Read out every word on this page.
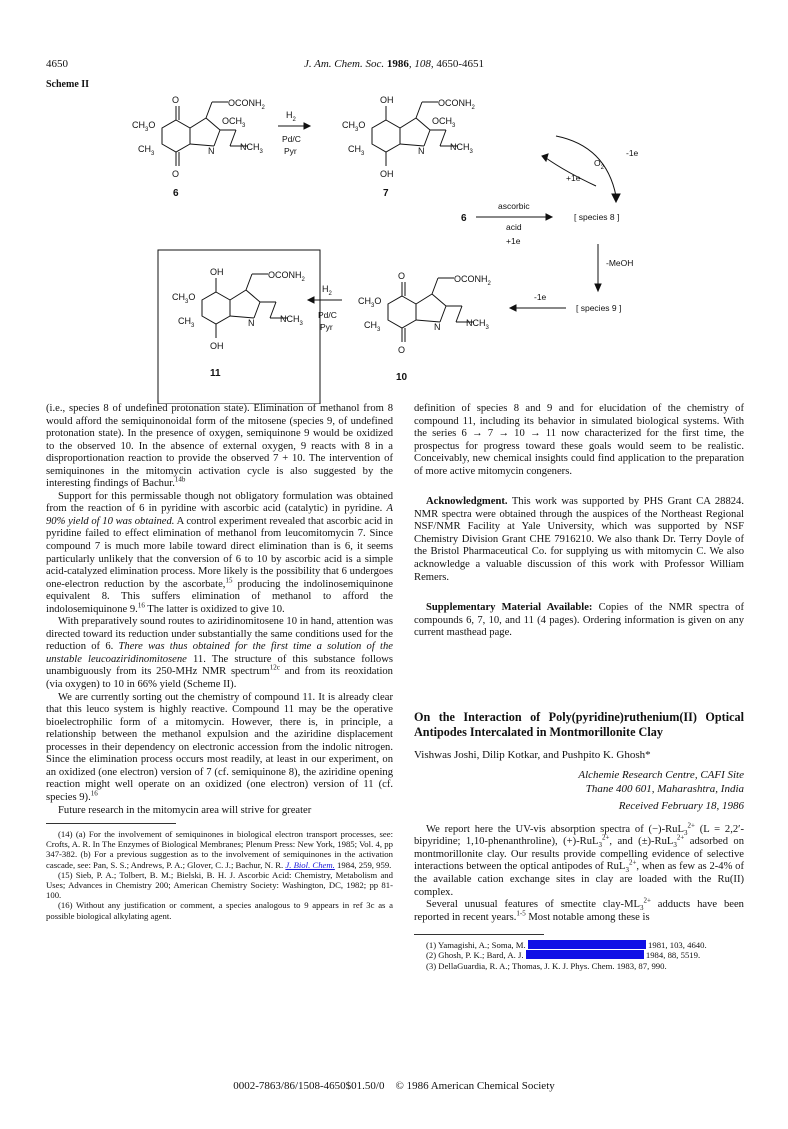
4650	J. Am. Chem. Soc. 1986, 108, 4650-4651
Scheme II
O
O
$CH_3O$
$CH_3$
$OCONH_2$
$OCH_3$
N	$NCH_3$
6
$H_2$
Pd/C
Pyr
OH
OH
$CH_3O$
$CH_3$
$OCONH_2$
$OCH_3$
N	$NCH_3$
7
-1e
+1e
$O_2$
6
ascorbic
acid
+1e
[ species 8 ]
-MeOH
[ species 9 ]
-1e
O
O
$CH_3O$
$CH_3$
$OCONH_2$
N	$NCH_3$
10
$H_2$
Pd/C
Pyr
OH
OH
$CH_3O$
$CH_3$
$OCONH_2$
N	$NCH_3$
11

(i.e., species 8 of undefined protonation state). Elimination of methanol from 8 would afford the semiquinonoidal form of the mitosene (species 9, of undefined protonation state). In the presence of oxygen, semiquinone 9 would be oxidized to the observed 10. In the absence of external oxygen, 9 reacts with 8 in a disproportionation reaction to provide the observed 7 + 10. The intervention of semiquinones in the mitomycin activation cycle is also suggested by the interesting findings of Bachur.$^{14b}$

Support for this permissable though not obligatory formulation was obtained from the reaction of 6 in pyridine with ascorbic acid (catalytic) in pyridine. A 90% yield of 10 was obtained. A control experiment revealed that ascorbic acid in pyridine failed to effect elimination of methanol from leucomitomycin 7. Since compound 7 is much more labile toward direct elimination than is 6, it seems particularly unlikely that the conversion of 6 to 10 by ascorbic acid is a simple acid-catalyzed elimination process. More likely is the possibility that 6 undergoes one-electron reduction by the ascorbate,$^{15}$ producing the indolinosemiquinone equivalent 8. This suffers elimination of methanol to afford the indolosemiquinone 9.16 The latter is oxidized to give 10.

With preparatively sound routes to aziridinomitosene 10 in hand, attention was directed toward its reduction under substantially the same conditions used for the reduction of 6. There was thus obtained for the first time a solution of the unstable leucoaziridinomitosene 11. The structure of this substance follows unambiguously from its 250-MHz NMR spectrum$^{12c}$ and from its reoxidation (via oxygen) to 10 in 66% yield (Scheme II).

We are currently sorting out the chemistry of compound 11. It is already clear that this leuco system is highly reactive. Compound 11 may be the operative bioelectrophilic form of a mitomycin. However, there is, in principle, a relationship between the methanol expulsion and the aziridine displacement processes in their dependency on electronic accession from the indolic nitrogen. Since the elimination process occurs most readily, at least in our experiment, on an oxidized (one electron) version of 7 (cf. semiquinone 8), the aziridine opening reaction might well operate on an oxidized (one electron) version of 11 (cf. species 9).$^{16}$

Future research in the mitomycin area will strive for greater

(14) (a) For the involvement of semiquinones in biological electron transport processes, see: Crofts, A. R. In The Enzymes of Biological Membranes; Plenum Press: New York, 1985; Vol. 4, pp 347-382. (b) For a previous suggestion as to the involvement of semiquinones in the activation cascade, see: Pan, S. S.; Andrews, P. A.; Glover, C. J.; Bachur, N. R. J. Biol. Chem. 1984, 259, 959.

(15) Sieb, P. A.; Tolbert, B. M.; Bielski, B. H. J. Ascorbic Acid: Chemistry, Metabolism and Uses; Advances in Chemistry 200; American Chemistry Society: Washington, DC, 1982; pp 81-100.

(16) Without any justification or comment, a species analogous to 9 appears in ref 3c as a possible biological alkylating agent.

definition of species 8 and 9 and for elucidation of the chemistry of compound 11, including its behavior in simulated biological systems. With the series 6 → 7 → 10 → 11 now characterized for the first time, the prospectus for progress toward these goals would seem to be realistic. Conceivably, new chemical insights could find application to the preparation of more active mitomycin congeners.

Acknowledgment. This work was supported by PHS Grant CA 28824. NMR spectra were obtained through the auspices of the Northeast Regional NSF/NMR Facility at Yale University, which was supported by NSF Chemistry Division Grant CHE 7916210. We also thank Dr. Terry Doyle of the Bristol Pharmaceutical Co. for supplying us with mitomycin C. We also acknowledge a valuable discussion of this work with Professor William Remers.

Supplementary Material Available: Copies of the NMR spectra of compounds 6, 7, 10, and 11 (4 pages). Ordering information is given on any current masthead page.

On the Interaction of Poly(pyridine)ruthenium(II) Optical Antipodes Intercalated in Montmorillonite Clay

Vishwas Joshi, Dilip Kotkar, and Pushpito K. Ghosh*

Alchemie Research Centre, CAFI Site

Thane 400 601, Maharashtra, India

Received February 18, 1986

We report here the UV-vis absorption spectra of (−)-RuL$_3^{2+}$ (L = 2,2′-bipyridine; 1,10-phenanthroline), (+)-RuL$_3^{2+}$, and (±)-RuL$_3^{2+}$ adsorbed on montmorillonite clay. Our results provide compelling evidence of selective interactions between the optical antipodes of RuL$_3^{2+}$, when as few as 2-4% of the available cation exchange sites in clay are loaded with the Ru(II) complex.

Several unusual features of smectite clay-$ML_3^{2+}$ adducts have been reported in recent years.$^{1-5}$ Most notable among these is

(1) Yamagishi, A.; Soma, M.	1981, 103, 4640.

(2) Ghosh, P. K.; Bard, A. J.	1984, 88, 5519.

(3) DellaGuardia, R. A.; Thomas, J. K. J. Phys. Chem. 1983, 87, 990.

0002-7863/86/1508-4650$01.50/0 © 1986 American Chemical Society
